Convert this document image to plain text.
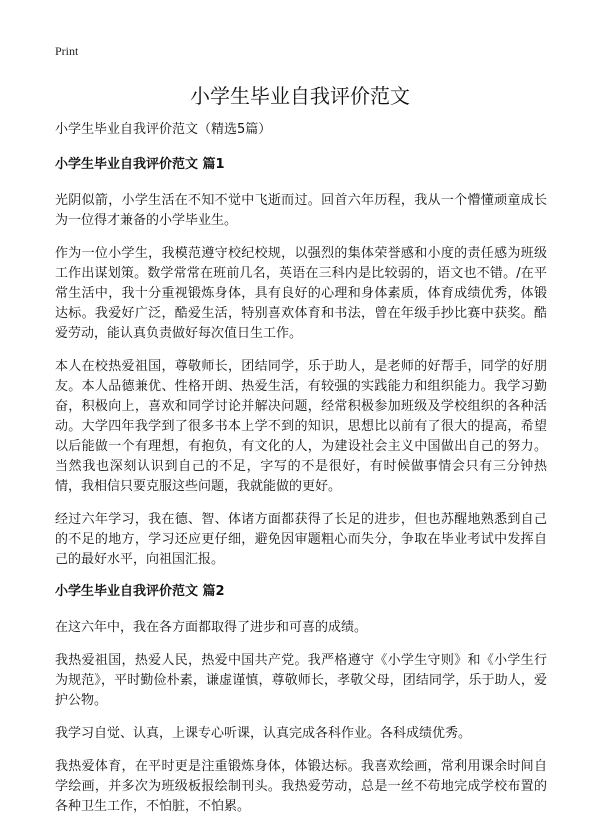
Print
小学生毕业自我评价范文

小学生毕业自我评价范文（精选5篇）

小学生毕业自我评价范文 篇1

光阴似箭，小学生活在不知不觉中飞逝而过。回首六年历程，我从一个懵懂顽童成长为一位得才兼备的小学毕业生。

作为一位小学生，我模范遵守校纪校规，以强烈的集体荣誉感和小度的责任感为班级工作出谋划策。数学常常在班前几名，英语在三科内是比较弱的，语文也不错。/在平常生活中，我十分重视锻炼身体，具有良好的心理和身体素质，体育成绩优秀，体锻达标。我爱好广泛，酷爱生活，特别喜欢体育和书法，曾在年级手抄比赛中获奖。酷爱劳动，能认真负责做好每次值日生工作。

本人在校热爱祖国，尊敬师长，团结同学，乐于助人，是老师的好帮手，同学的好朋友。本人品德兼优、性格开朗、热爱生活，有较强的实践能力和组织能力。我学习勤奋，积极向上，喜欢和同学讨论并解决问题，经常积极参加班级及学校组织的各种活动。大学四年我学到了很多书本上学不到的知识，思想比以前有了很大的提高，希望以后能做一个有理想，有抱负，有文化的人，为建设社会主义中国做出自己的努力。当然我也深刻认识到自己的不足，字写的不是很好，有时候做事情会只有三分钟热情，我相信只要克服这些问题，我就能做的更好。

经过六年学习，我在德、智、体诸方面都获得了长足的进步，但也苏醒地熟悉到自己的不足的地方，学习还应更仔细，避免因审题粗心而失分，争取在毕业考试中发挥自己的最好水平，向祖国汇报。

小学生毕业自我评价范文 篇2

在这六年中，我在各方面都取得了进步和可喜的成绩。

我热爱祖国，热爱人民，热爱中国共产党。我严格遵守《小学生守则》和《小学生行为规范》，平时勤俭朴素，谦虚谨慎，尊敬师长，孝敬父母，团结同学，乐于助人，爱护公物。

我学习自觉、认真，上课专心听课，认真完成各科作业。各科成绩优秀。

我热爱体育，在平时更是注重锻炼身体，体锻达标。我喜欢绘画，常利用课余时间自学绘画，并多次为班级板报绘制刊头。我热爱劳动，总是一丝不苟地完成学校布置的各种卫生工作，不怕脏，不怕累。
